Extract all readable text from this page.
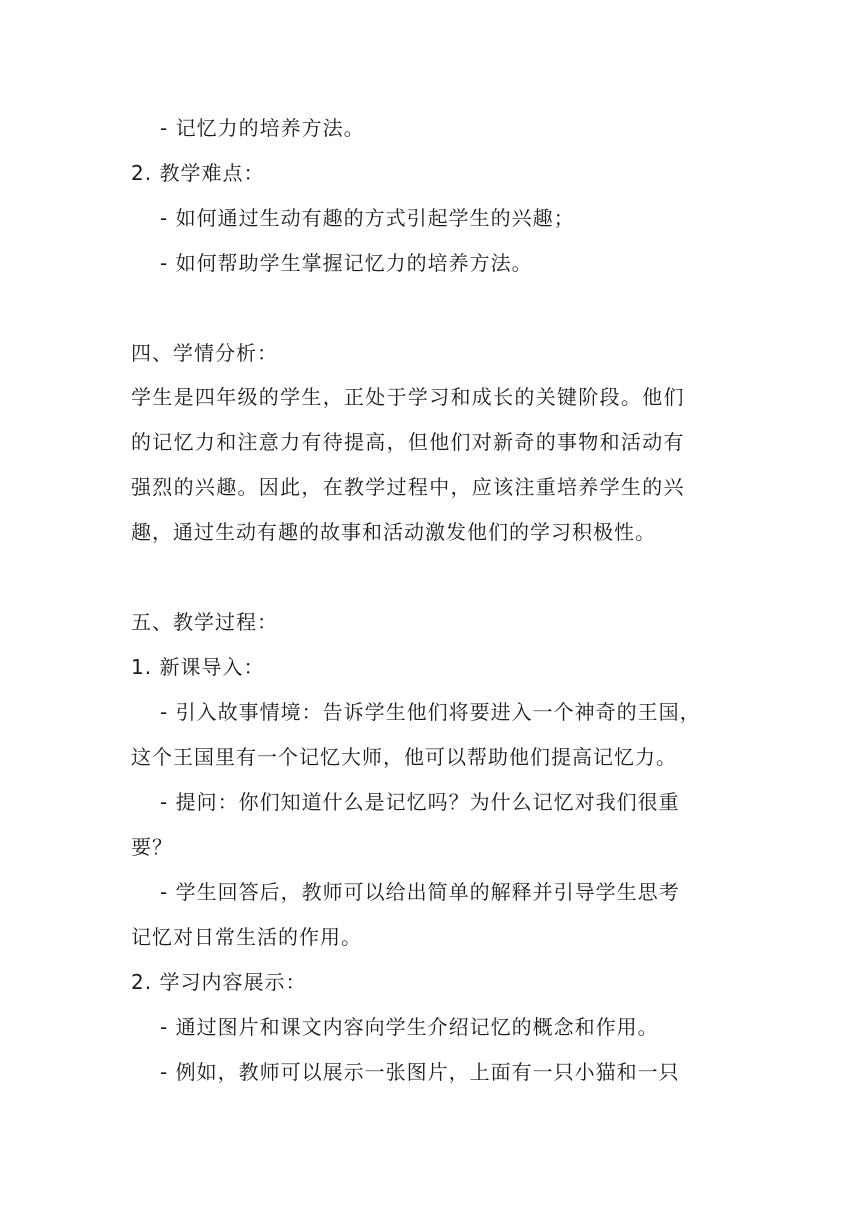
- 记忆力的培养方法。
2. 教学难点：
- 如何通过生动有趣的方式引起学生的兴趣；
- 如何帮助学生掌握记忆力的培养方法。
四、学情分析：
学生是四年级的学生，正处于学习和成长的关键阶段。他们
的记忆力和注意力有待提高，但他们对新奇的事物和活动有
强烈的兴趣。因此，在教学过程中，应该注重培养学生的兴
趣，通过生动有趣的故事和活动激发他们的学习积极性。
五、教学过程：
1. 新课导入：
- 引入故事情境：告诉学生他们将要进入一个神奇的王国，
这个王国里有一个记忆大师，他可以帮助他们提高记忆力。
- 提问：你们知道什么是记忆吗？为什么记忆对我们很重
要？
- 学生回答后，教师可以给出简单的解释并引导学生思考
记忆对日常生活的作用。
2. 学习内容展示：
- 通过图片和课文内容向学生介绍记忆的概念和作用。
- 例如，教师可以展示一张图片，上面有一只小猫和一只
